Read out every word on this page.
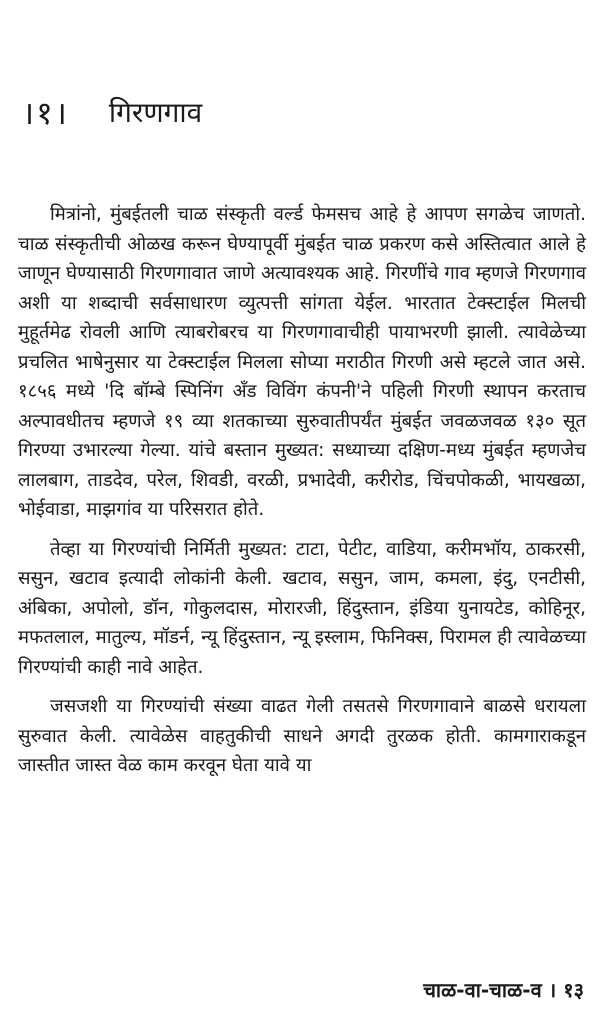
।१। गिरणगाव

मित्रांनो, मुंबईतली चाळ संस्कृती वर्ल्ड फेमसच आहे हे आपण सगळेच जाणतो. चाळ संस्कृतीची ओळख करून घेण्यापूर्वी मुंबईत चाळ प्रकरण कसे अस्तित्वात आले हे जाणून घेण्यासाठी गिरणगावात जाणे अत्यावश्यक आहे. गिरणींचे गाव म्हणजे गिरणगाव अशी या शब्दाची सर्वसाधारण व्युत्पत्ती सांगता येईल. भारतात टेक्स्टाईल मिलची मुहूर्तमेढ रोवली आणि त्याबरोबरच या गिरणगावाचीही पायाभरणी झाली. त्यावेळेच्या प्रचलित भाषेनुसार या टेक्स्टाईल मिलला सोप्या मराठीत गिरणी असे म्हटले जात असे. १८५६ मध्ये 'दि बॉम्बे स्पिनिंग अँड विविंग कंपनी'ने पहिली गिरणी स्थापन करताच अल्पावधीतच म्हणजे १९ व्या शतकाच्या सुरुवातीपर्यंत मुंबईत जवळजवळ १३० सूत गिरण्या उभारल्या गेल्या. यांचे बस्तान मुख्यत: सध्याच्या दक्षिण-मध्य मुंबईत म्हणजेच लालबाग, ताडदेव, परेल, शिवडी, वरळी, प्रभादेवी, करीरोड, चिंचपोकळी, भायखळा, भोईवाडा, माझगांव या परिसरात होते.

तेव्हा या गिरण्यांची निर्मिती मुख्यत: टाटा, पेटीट, वाडिया, करीमभॉय, ठाकरसी, ससुन, खटाव इत्यादी लोकांनी केली. खटाव, ससुन, जाम, कमला, इंदु, एनटीसी, अंबिका, अपोलो, डॉन, गोकुलदास, मोरारजी, हिंदुस्तान, इंडिया युनायटेड, कोहिनूर, मफतलाल, मातुल्य, मॉडर्न, न्यू हिंदुस्तान, न्यू इस्लाम, फिनिक्स, पिरामल ही त्यावेळच्या गिरण्यांची काही नावे आहेत.

जसजशी या गिरण्यांची संख्या वाढत गेली तसतसे गिरणगावाने बाळसे धरायला सुरुवात केली. त्यावेळेस वाहतुकीची साधने अगदी तुरळक होती. कामगाराकडून जास्तीत जास्त वेळ काम करवून घेता यावे या

चाळ-वा-चाळ-व । १३
